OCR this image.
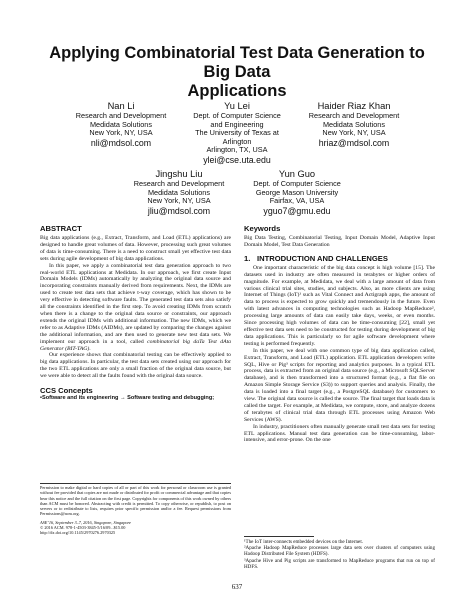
Applying Combinatorial Test Data Generation to Big Data
Applications
Nan Li
Research and Development
Medidata Solutions
New York, NY, USA
nli@mdsol.com
Yu Lei
Dept. of Computer Science
and Engineering
The University of Texas at
Arlington
Arlington, TX, USA
ylei@cse.uta.edu
Haider Riaz Khan
Research and Development
Medidata Solutions
New York, NY, USA
hriaz@mdsol.com
Jingshu Liu
Research and Development
Medidata Solutions
New York, NY, USA
jliu@mdsol.com
Yun Guo
Dept. of Computer Science
George Mason University
Fairfax, VA, USA
yguo7@gmu.edu
ABSTRACT

Big data applications (e.g., Extract, Transform, and Load (ETL) applications) are designed to handle great volumes of data. However, processing such great volumes of data is time-consuming. There is a need to construct small yet effective test data sets during agile development of big data applications.

In this paper, we apply a combinatorial test data generation approach to two real-world ETL applications at Medidata. In our approach, we first create Input Domain Models (IDMs) automatically by analyzing the original data source and incorporating constraints manually derived from requirements. Next, the IDMs are used to create test data sets that achieve t-way coverage, which has shown to be very effective in detecting software faults. The generated test data sets also satisfy all the constraints identified in the first step. To avoid creating IDMs from scratch when there is a change to the original data source or constraints, our approach extends the original IDMs with additional information. The new IDMs, which we refer to as Adaptive IDMs (AIDMs), are updated by comparing the changes against the additional information, and are then used to generate new test data sets. We implement our approach in a tool, called combinatorial big daTa Test dAta Generator (BIT-TAG).

Our experience shows that combinatorial testing can be effectively applied to big data applications. In particular, the test data sets created using our approach for the two ETL applications are only a small fraction of the original data source, but we were able to detect all the faults found with the original data source.

CCS Concepts
•Software and its engineering → Software testing and debugging;
Permission to make digital or hard copies of all or part of this work for personal or classroom use is granted without fee provided that copies are not made or distributed for profit or commercial advantage and that copies bear this notice and the full citation on the first page. Copyrights for components of this work owned by others than ACM must be honored. Abstracting with credit is permitted. To copy otherwise, or republish, to post on servers or to redistribute to lists, requires prior specific permission and/or a fee. Request permissions from Permissions@acm.org.
ASE’16, September 3–7, 2016, Singapore, Singapore
© 2016 ACM. 978-1-4503-3845-5/16/09...$15.00
http://dx.doi.org/10.1145/2970276.2970325
Keywords

Big Data Testing, Combinatorial Testing, Input Domain Model, Adaptive Input Domain Model, Test Data Generation

1. INTRODUCTION AND CHALLENGES

One important characteristic of the big data concept is high volume [15]. The datasets used in industry are often measured in terabytes or higher orders of magnitude. For example, at Medidata, we deal with a large amount of data from various clinical trial sites, studies, and subjects. Also, as more clients are using Internet of Things (IoT)¹ such as Vital Connect and Actigraph apps, the amount of data to process is expected to grow quickly and tremendously in the future. Even with latest advances in computing technologies such as Hadoop MapReduce², processing large amounts of data can easily take days, weeks, or even months. Since processing high volumes of data can be time-consuming [22], small yet effective test data sets need to be constructed for testing during development of big data applications. This is particularly so for agile software development where testing is performed frequently.

In this paper, we deal with one common type of big data application called, Extract, Transform, and Load (ETL) application. ETL application developers write SQL, Hive or Pig³ scripts for reporting and analytics purposes. In a typical ETL process, data is extracted from an original data source (e.g., a Microsoft SQLServer database), and is then transformed into a structured format (e.g., a flat file on Amazon Simple Storage Service (S3)) to support queries and analysis. Finally, the data is loaded into a final target (e.g., a PostgreSQL database) for customers to view. The original data source is called the source. The final target that loads data is called the target. For example, at Medidata, we compute, store, and analyze dozens of terabytes of clinical trial data through ETL processes using Amazon Web Services (AWS).

In industry, practitioners often manually generate small test data sets for testing ETL applications. Manual test data generation can be time-consuming, labor-intensive, and error-prone. On the one

¹The IoT inter-connects embedded devices on the Internet.
²Apache Hadoop MapReduce processes large data sets over clusters of computers using Hadoop Distributed File System (HDFS).
³Apache Hive and Pig scripts are transformed to MapReduce programs that run on top of HDFS.
637
